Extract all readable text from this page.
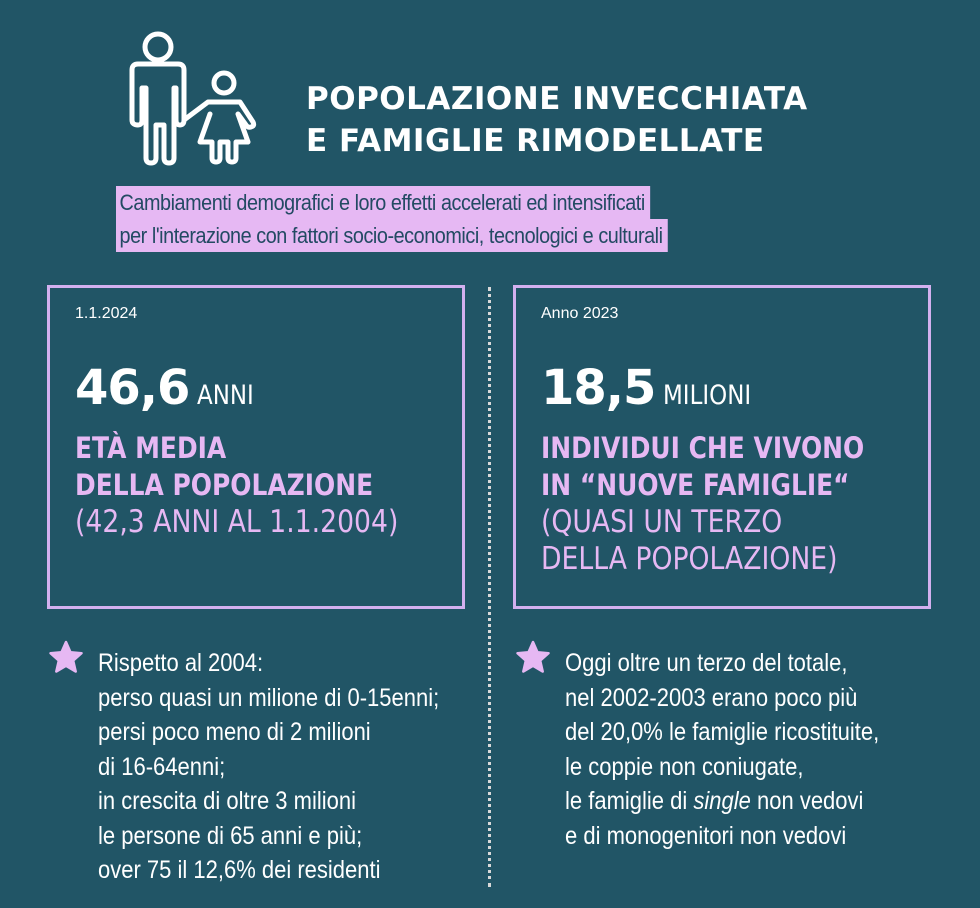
POPOLAZIONE INVECCHIATA
E FAMIGLIE RIMODELLATE
Cambiamenti demografici e loro effetti accelerati ed intensificati
per l'interazione con fattori socio-economici, tecnologici e culturali
1.1.2024
46,6 ANNI
ETÀ MEDIA
DELLA POPOLAZIONE
(42,3 ANNI AL 1.1.2004)
Anno 2023
18,5 MILIONI
INDIVIDUI CHE VIVONO
IN “NUOVE FAMIGLIE“
(QUASI UN TERZO
DELLA POPOLAZIONE)
Rispetto al 2004:
perso quasi un milione di 0-15enni;
persi poco meno di 2 milioni
di 16-64enni;
in crescita di oltre 3 milioni
le persone di 65 anni e più;
over 75 il 12,6% dei residenti
Oggi oltre un terzo del totale,
nel 2002-2003 erano poco più
del 20,0% le famiglie ricostituite,
le coppie non coniugate,
le famiglie di single non vedovi
e di monogenitori non vedovi
